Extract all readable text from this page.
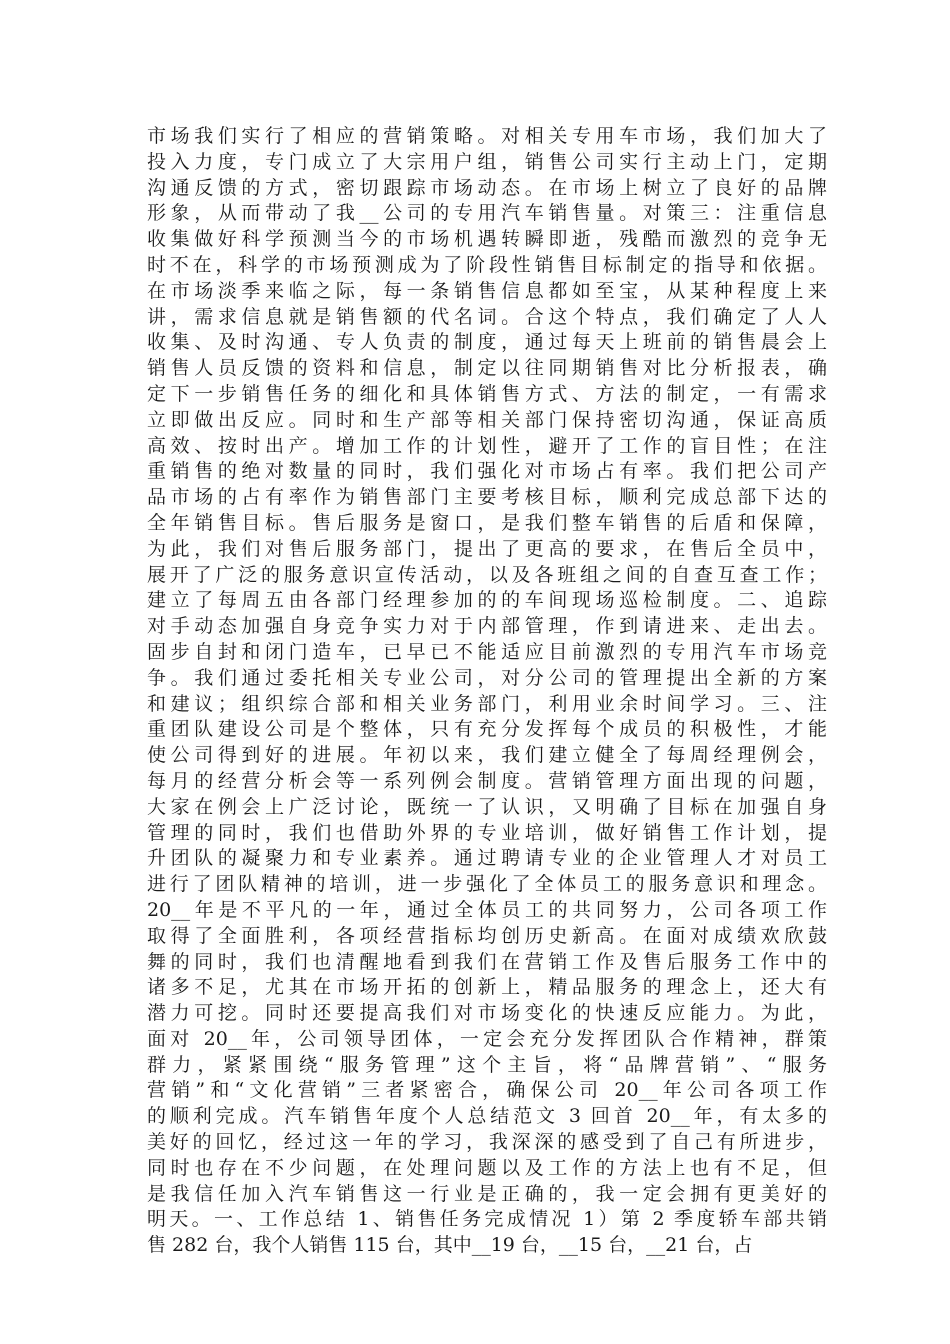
市场我们实行了相应的营销策略。对相关专用车市场，我们加大了
投入力度，专门成立了大宗用户组，销售公司实行主动上门，定期
沟通反馈的方式，密切跟踪市场动态。在市场上树立了良好的品牌
形象，从而带动了我__公司的专用汽车销售量。对策三：注重信息
收集做好科学预测当今的市场机遇转瞬即逝，残酷而激烈的竞争无
时不在，科学的市场预测成为了阶段性销售目标制定的指导和依据。
在市场淡季来临之际，每一条销售信息都如至宝，从某种程度上来
讲，需求信息就是销售额的代名词。合这个特点，我们确定了人人
收集、及时沟通、专人负责的制度，通过每天上班前的销售晨会上
销售人员反馈的资料和信息，制定以往同期销售对比分析报表，确
定下一步销售任务的细化和具体销售方式、方法的制定，一有需求
立即做出反应。同时和生产部等相关部门保持密切沟通，保证高质
高效、按时出产。增加工作的计划性，避开了工作的盲目性；在注
重销售的绝对数量的同时，我们强化对市场占有率。我们把公司产
品市场的占有率作为销售部门主要考核目标，顺利完成总部下达的
全年销售目标。售后服务是窗口，是我们整车销售的后盾和保障，
为此，我们对售后服务部门，提出了更高的要求，在售后全员中，
展开了广泛的服务意识宣传活动，以及各班组之间的自查互查工作；
建立了每周五由各部门经理参加的的车间现场巡检制度。二、追踪
对手动态加强自身竞争实力对于内部管理，作到请进来、走出去。
固步自封和闭门造车，已早已不能适应目前激烈的专用汽车市场竞
争。我们通过委托相关专业公司，对分公司的管理提出全新的方案
和建议；组织综合部和相关业务部门，利用业余时间学习。三、注
重团队建设公司是个整体，只有充分发挥每个成员的积极性，才能
使公司得到好的进展。年初以来，我们建立健全了每周经理例会，
每月的经营分析会等一系列例会制度。营销管理方面出现的问题，
大家在例会上广泛讨论，既统一了认识，又明确了目标在加强自身
管理的同时，我们也借助外界的专业培训，做好销售工作计划，提
升团队的凝聚力和专业素养。通过聘请专业的企业管理人才对员工
进行了团队精神的培训，进一步强化了全体员工的服务意识和理念。
20__年是不平凡的一年，通过全体员工的共同努力，公司各项工作
取得了全面胜利，各项经营指标均创历史新高。在面对成绩欢欣鼓
舞的同时，我们也清醒地看到我们在营销工作及售后服务工作中的
诸多不足，尤其在市场开拓的创新上，精品服务的理念上，还大有
潜力可挖。同时还要提高我们对市场变化的快速反应能力。为此，
面对 20__年，公司领导团体，一定会充分发挥团队合作精神，群策
群力，紧紧围绕“服务管理”这个主旨，将“品牌营销”、“服务
营销”和“文化营销”三者紧密合，确保公司 20__年公司各项工作
的顺利完成。汽车销售年度个人总结范文 3 回首 20__年，有太多的
美好的回忆，经过这一年的学习，我深深的感受到了自己有所进步，
同时也存在不少问题，在处理问题以及工作的方法上也有不足，但
是我信任加入汽车销售这一行业是正确的，我一定会拥有更美好的
明天。一、工作总结 1、销售任务完成情况 1）第 2 季度轿车部共销
售 282 台，我个人销售 115 台，其中__19 台，__15 台，__21 台，占
